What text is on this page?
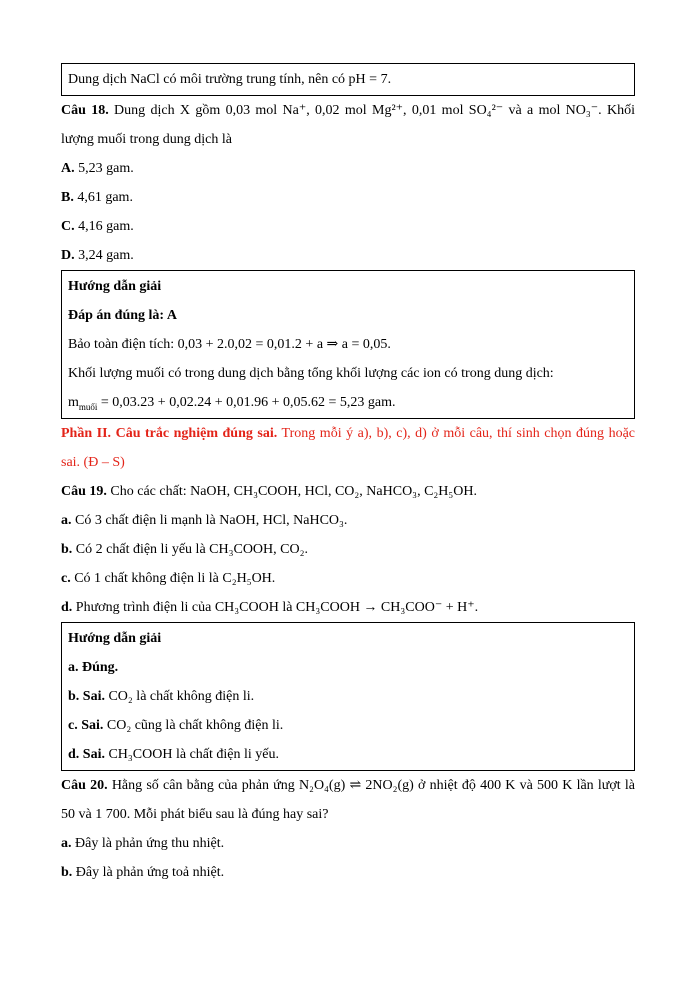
Dung dịch NaCl có môi trường trung tính, nên có pH = 7.

Câu 18. Dung dịch X gồm 0,03 mol Na⁺, 0,02 mol Mg²⁺, 0,01 mol SO₄²⁻ và a mol NO₃⁻. Khối lượng muối trong dung dịch là

A. 5,23 gam.

B. 4,61 gam.

C. 4,16 gam.

D. 3,24 gam.

Hướng dẫn giải

Đáp án đúng là: A

Bảo toàn điện tích: 0,03 + 2.0,02 = 0,01.2 + a ⇒ a = 0,05.

Khối lượng muối có trong dung dịch bằng tổng khối lượng các ion có trong dung dịch:

$m_{muối} = 0,03.23 + 0,02.24 + 0,01.96 + 0,05.62 = 5,23$ gam.

Phần II. Câu trắc nghiệm đúng sai. Trong mỗi ý a), b), c), d) ở mỗi câu, thí sinh chọn đúng hoặc sai. (Đ – S)

Câu 19. Cho các chất: NaOH, CH₃COOH, HCl, CO₂, NaHCO₃, C₂H₅OH.

a. Có 3 chất điện li mạnh là NaOH, HCl, NaHCO₃.

b. Có 2 chất điện li yếu là CH₃COOH, CO₂.

c. Có 1 chất không điện li là C₂H₅OH.

d. Phương trình điện li của CH₃COOH là CH₃COOH → CH₃COO⁻ + H⁺.

Hướng dẫn giải

a. Đúng.

b. Sai. CO₂ là chất không điện li.

c. Sai. CO₂ cũng là chất không điện li.

d. Sai. CH₃COOH là chất điện li yếu.

Câu 20. Hằng số cân bằng của phản ứng N₂O₄(g) ⇌ 2NO₂(g) ở nhiệt độ 400 K và 500 K lần lượt là 50 và 1 700. Mỗi phát biểu sau là đúng hay sai?

a. Đây là phản ứng thu nhiệt.

b. Đây là phản ứng toả nhiệt.
